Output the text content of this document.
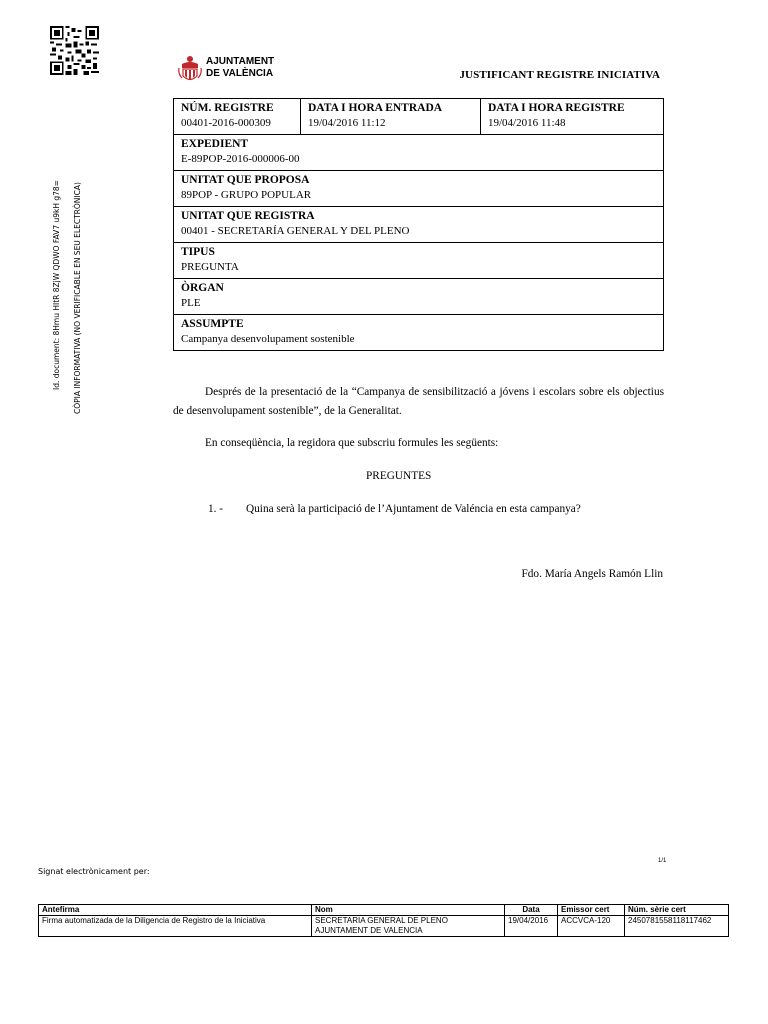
AJUNTAMENT
DE VALÈNCIA	JUSTIFICANT REGISTRE INICIATIVA
Id. document: 8Hmu HItR 8ZjW QDWO FAV7 u9kH g78= CÒPIA INFORMATIVA (NO VERIFICABLE EN SEU ELECTRÒNICA)
NÚM. REGISTRE
00401-2016-000309

DATA I HORA ENTRADA
19/04/2016 11:12

DATA I HORA REGISTRE
19/04/2016 11:48

EXPEDIENT
E-89POP-2016-000006-00

UNITAT QUE PROPOSA
89POP - GRUPO POPULAR

UNITAT QUE REGISTRA
00401 - SECRETARÍA GENERAL Y DEL PLENO

TIPUS
PREGUNTA

ÒRGAN
PLE

ASSUMPTE
Campanya desenvolupament sostenible
Després de la presentació de la “Campanya de sensibilització a jóvens i escolars sobre els objectius de desenvolupament sostenible”, de la Generalitat.
En conseqüència, la regidora que subscriu formules les següents:
PREGUNTES
1. - Quina serà la participació de l’Ajuntament de Valéncia en esta campanya?
Fdo. María Angels Ramón Llin
1/1
Signat electrònicament per:
Antefirma	Nom	Data	Emissor cert	Núm. sèrie cert
Firma automatizada de la Diligencia de Registro de la Iniciativa	SECRETARIA GENERAL DE PLENO
AJUNTAMENT DE VALENCIA	19/04/2016	ACCVCA-120	2450781558118117462
